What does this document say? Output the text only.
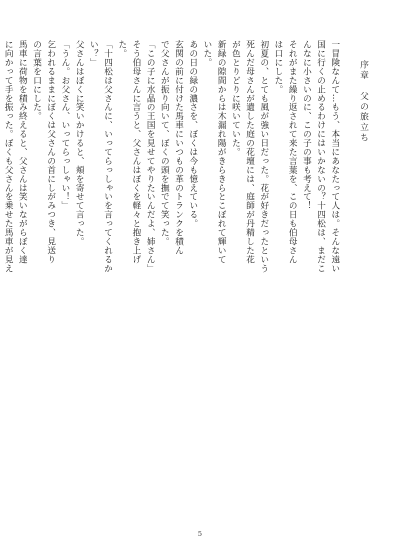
序章　父の旅立ち
一冒険なんて…もう、本当にあなたって人は。そんな遠い
国に行くの止めるわけにはいかないの？十四松は、まだこ
んなに小さいのに、この子の事も考えて！
それがまた繰り返されて来た言葉を、この日も伯母さん
は口にした。
初夏の、とても風が強い日だった。花が好きだったという
死んだ母さんが遺した庭の花壇には、庭師が丹精した花
が色とりどりに咲いていた。
新緑の隙間からは木漏れ陽がきらきらとこぼれて輝いて
いた。
あの日の緑の濃さを、ぼくは今も憶えている。
玄関の前に付けた馬車にいつもの革のトランクを積ん
で父さんが振り向いて、ぼくの頭を撫でて笑った。
「この子に水晶の王国を見せてやりたいんだよ、姉さん」
そう伯母さんに言うと、父さんはぼくを軽々と抱き上げ
た。
「十四松は父さんに、いってらっしゃいを言ってくれるか
い？」
父さんはぼくに笑いかけると、頬を寄せて言った。
「うん。お父さん、いってらっしゃい！」
乞われるままにぼくは父さんの首にしがみつき、見送り
の言葉を口にした。
馬車に荷物を積み終えると、父さんは笑いながらぼく達
に向かって手を振った。ぼくも父さんを乗せた馬車が見え
5
